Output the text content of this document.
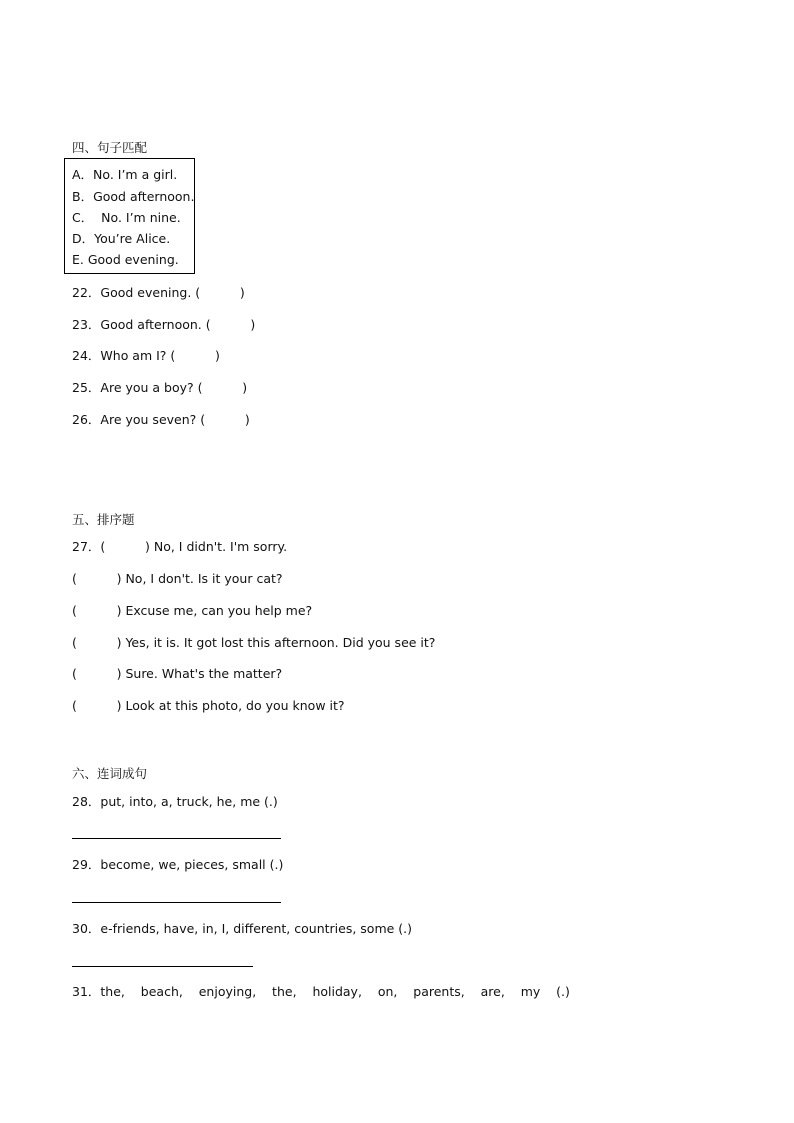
四、句子匹配
A．No. I’m a girl.
B．Good afternoon.
C．  No. I’m nine.
D．You’re Alice.
E. Good evening.
22．Good evening. (          )
23．Good afternoon. (          )
24．Who am I? (          )
25．Are you a boy? (          )
26．Are you seven? (          )
五、排序题
27．(          ) No, I didn't. I'm sorry.
(          ) No, I don't. Is it your cat?
(          ) Excuse me, can you help me?
(          ) Yes, it is. It got lost this afternoon. Did you see it?
(          ) Sure. What's the matter?
(          ) Look at this photo, do you know it?
六、连词成句
28．put, into, a, truck, he, me (.)
29．become, we, pieces, small (.)
30．e-friends, have, in, I, different, countries, some (.)
31．the,    beach,    enjoying,    the,    holiday,    on,    parents,    are,    my    (.)
